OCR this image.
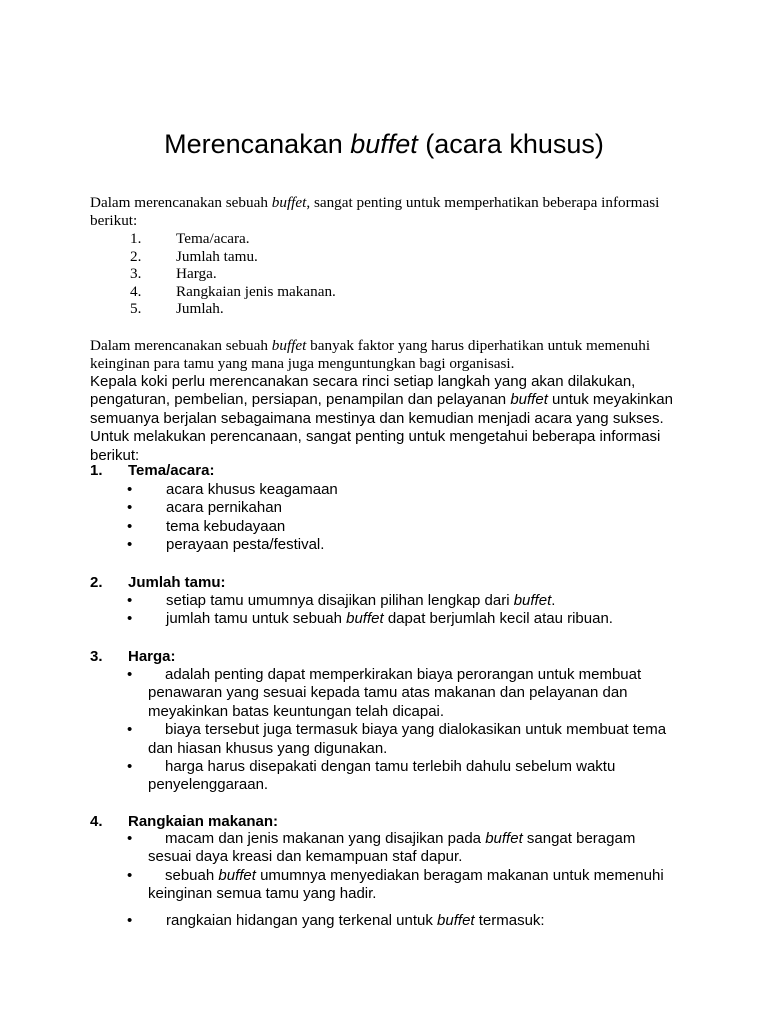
Merencanakan buffet (acara khusus)

Dalam merencanakan sebuah buffet, sangat penting untuk memperhatikan beberapa informasi

berikut:

1. Tema/acara.
2. Jumlah tamu.
3. Harga.
4. Rangkaian jenis makanan.
5. Jumlah.

Dalam merencanakan sebuah buffet banyak faktor yang harus diperhatikan untuk memenuhi

keinginan para tamu yang mana juga menguntungkan bagi organisasi.

Kepala koki perlu merencanakan secara rinci setiap langkah yang akan dilakukan,

pengaturan, pembelian, persiapan, penampilan dan pelayanan buffet untuk meyakinkan

semuanya berjalan sebagaimana mestinya dan kemudian menjadi acara yang sukses.

Untuk melakukan perencanaan, sangat penting untuk mengetahui beberapa informasi

berikut:

1. Tema/acara:

• acara khusus keagamaan
• acara pernikahan
• tema kebudayaan
• perayaan pesta/festival.

2. Jumlah tamu:

• setiap tamu umumnya disajikan pilihan lengkap dari buffet.
• jumlah tamu untuk sebuah buffet dapat berjumlah kecil atau ribuan.

3. Harga:

• adalah penting dapat memperkirakan biaya perorangan untuk membuat penawaran yang sesuai kepada tamu atas makanan dan pelayanan dan meyakinkan batas keuntungan telah dicapai.
• biaya tersebut juga termasuk biaya yang dialokasikan untuk membuat tema dan hiasan khusus yang digunakan.
• harga harus disepakati dengan tamu terlebih dahulu sebelum waktu penyelenggaraan.

4. Rangkaian makanan:

• macam dan jenis makanan yang disajikan pada buffet sangat beragam sesuai daya kreasi dan kemampuan staf dapur.
• sebuah buffet umumnya menyediakan beragam makanan untuk memenuhi keinginan semua tamu yang hadir.
• rangkaian hidangan yang terkenal untuk buffet termasuk:
